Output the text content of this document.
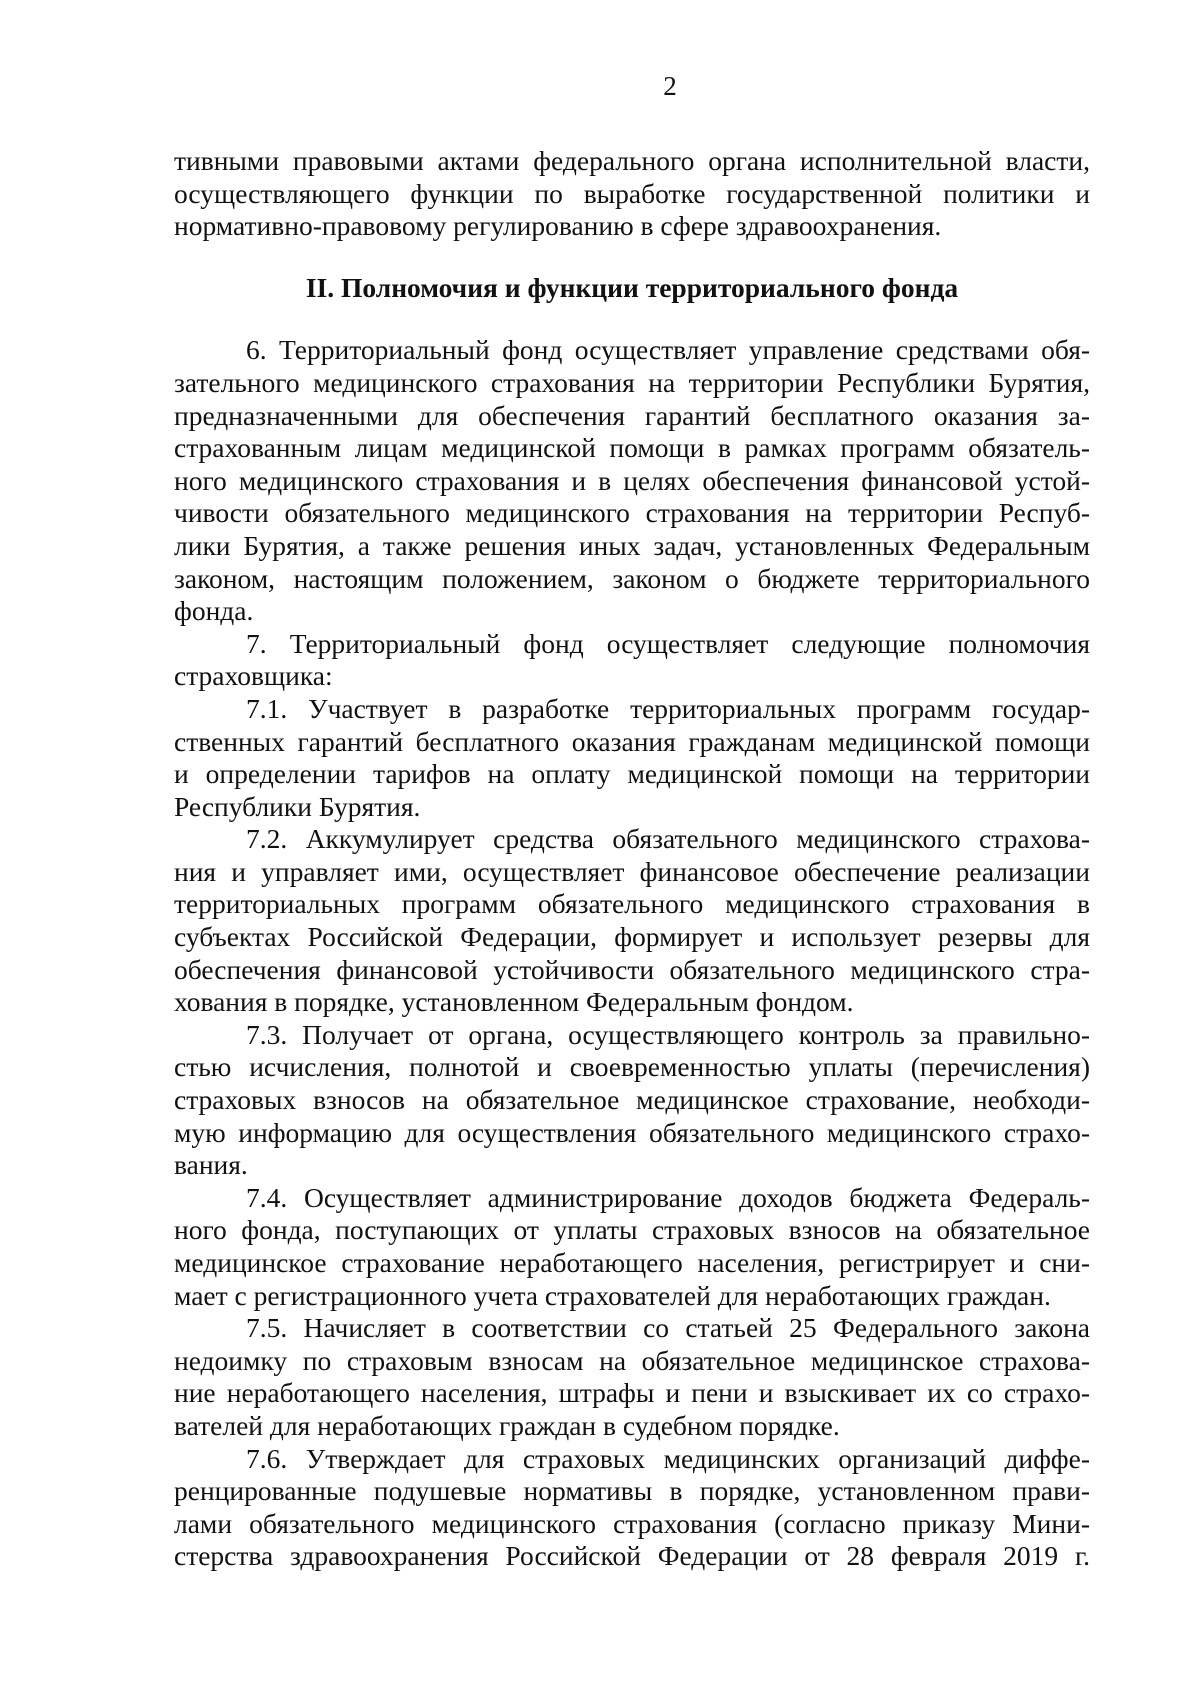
2
тивными правовыми актами федерального органа исполнительной власти,
осуществляющего функции по выработке государственной политики и
нормативно-правовому регулированию в сфере здравоохранения.
II. Полномочия и функции территориального фонда
6. Территориальный фонд осуществляет управление средствами обя-
зательного медицинского страхования на территории Республики Бурятия,
предназначенными для обеспечения гарантий бесплатного оказания за-
страхованным лицам медицинской помощи в рамках программ обязатель-
ного медицинского страхования и в целях обеспечения финансовой устой-
чивости обязательного медицинского страхования на территории Респуб-
лики Бурятия, а также решения иных задач, установленных Федеральным
законом, настоящим положением, законом о бюджете территориального
фонда.
7. Территориальный фонд осуществляет следующие полномочия
страховщика:
7.1. Участвует в разработке территориальных программ государ-
ственных гарантий бесплатного оказания гражданам медицинской помощи
и определении тарифов на оплату медицинской помощи на территории
Республики Бурятия.
7.2. Аккумулирует средства обязательного медицинского страхова-
ния и управляет ими, осуществляет финансовое обеспечение реализации
территориальных программ обязательного медицинского страхования в
субъектах Российской Федерации, формирует и использует резервы для
обеспечения финансовой устойчивости обязательного медицинского стра-
хования в порядке, установленном Федеральным фондом.
7.3. Получает от органа, осуществляющего контроль за правильно-
стью исчисления, полнотой и своевременностью уплаты (перечисления)
страховых взносов на обязательное медицинское страхование, необходи-
мую информацию для осуществления обязательного медицинского страхо-
вания.
7.4. Осуществляет администрирование доходов бюджета Федераль-
ного фонда, поступающих от уплаты страховых взносов на обязательное
медицинское страхование неработающего населения, регистрирует и сни-
мает с регистрационного учета страхователей для неработающих граждан.
7.5. Начисляет в соответствии со статьей 25 Федерального закона
недоимку по страховым взносам на обязательное медицинское страхова-
ние неработающего населения, штрафы и пени и взыскивает их со страхо-
вателей для неработающих граждан в судебном порядке.
7.6. Утверждает для страховых медицинских организаций диффе-
ренцированные подушевые нормативы в порядке, установленном прави-
лами обязательного медицинского страхования (согласно приказу Мини-
стерства здравоохранения Российской Федерации от 28 февраля 2019 г.
